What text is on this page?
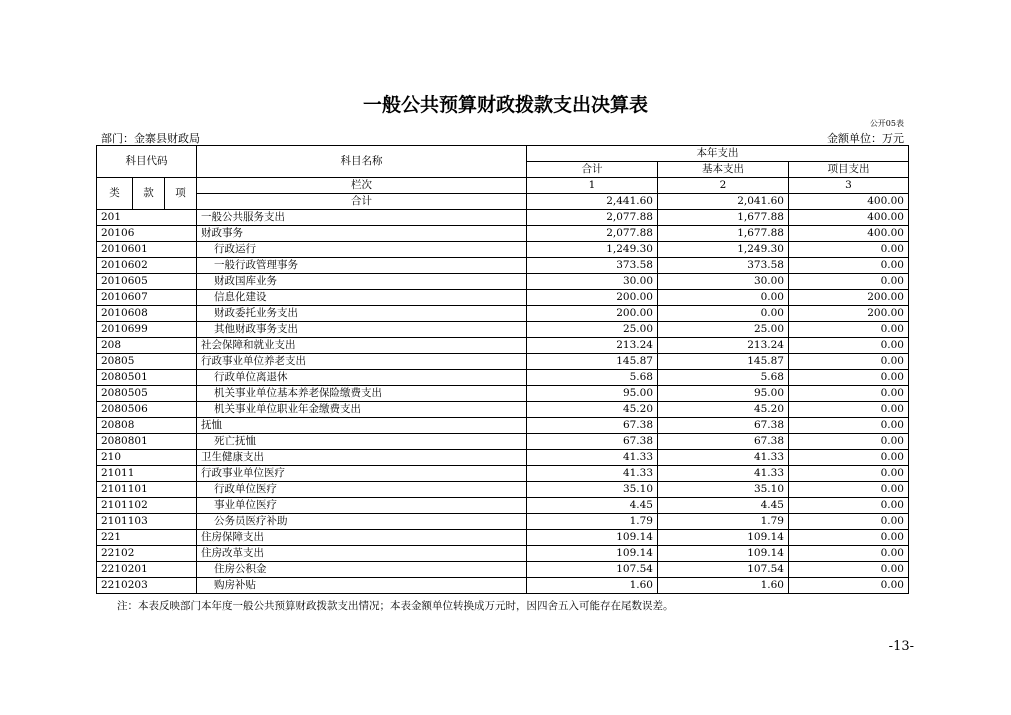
一般公共预算财政拨款支出决算表
公开05表
部门：金寨县财政局	金额单位：万元
科目代码			科目名称	本年支出		
				合计	基本支出	项目支出
类	款	项	栏次	1	2	3
			合计	2,441.60	2,041.60	400.00
201			一般公共服务支出	2,077.88	1,677.88	400.00
20106			财政事务	2,077.88	1,677.88	400.00
2010601			行政运行	1,249.30	1,249.30	0.00
2010602			一般行政管理事务	373.58	373.58	0.00
2010605			财政国库业务	30.00	30.00	0.00
2010607			信息化建设	200.00	0.00	200.00
2010608			财政委托业务支出	200.00	0.00	200.00
2010699			其他财政事务支出	25.00	25.00	0.00
208			社会保障和就业支出	213.24	213.24	0.00
20805			行政事业单位养老支出	145.87	145.87	0.00
2080501			行政单位离退休	5.68	5.68	0.00
2080505			机关事业单位基本养老保险缴费支出	95.00	95.00	0.00
2080506			机关事业单位职业年金缴费支出	45.20	45.20	0.00
20808			抚恤	67.38	67.38	0.00
2080801			死亡抚恤	67.38	67.38	0.00
210			卫生健康支出	41.33	41.33	0.00
21011			行政事业单位医疗	41.33	41.33	0.00
2101101			行政单位医疗	35.10	35.10	0.00
2101102			事业单位医疗	4.45	4.45	0.00
2101103			公务员医疗补助	1.79	1.79	0.00
221			住房保障支出	109.14	109.14	0.00
22102			住房改革支出	109.14	109.14	0.00
2210201			住房公积金	107.54	107.54	0.00
2210203			购房补贴	1.60	1.60	0.00
注：本表反映部门本年度一般公共预算财政拨款支出情况；本表金额单位转换成万元时，因四舍五入可能存在尾数误差。
-13-
